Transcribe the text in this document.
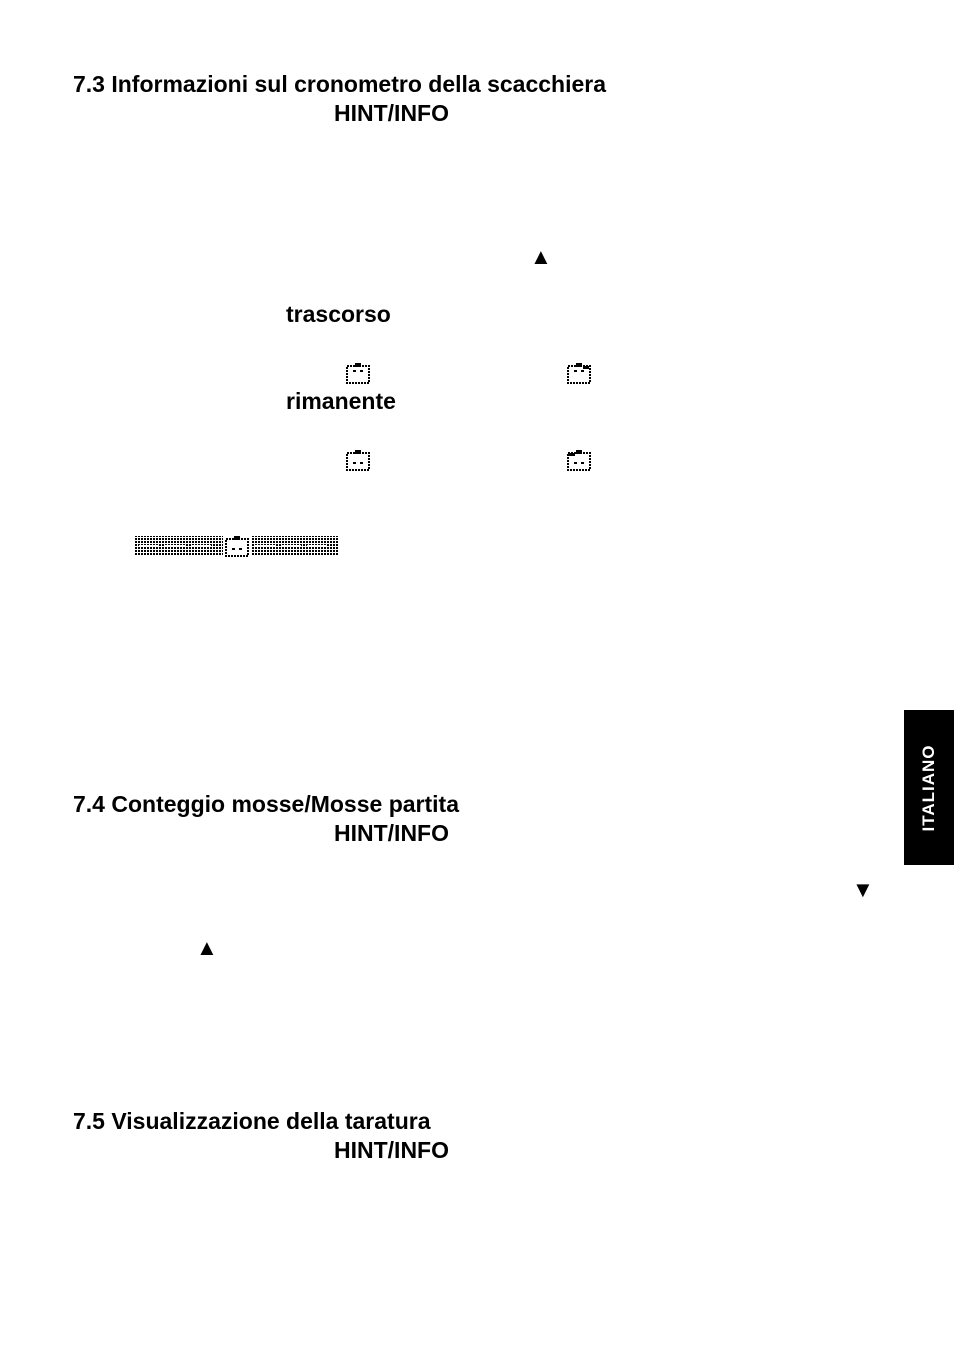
7.3 Informazioni sul cronometro della scacchiera
HINT/INFO
▲
trascorso
rimanente
7.4 Conteggio mosse/Mosse partita
HINT/INFO
▼
▲
7.5 Visualizzazione della taratura
HINT/INFO
ITALIANO
